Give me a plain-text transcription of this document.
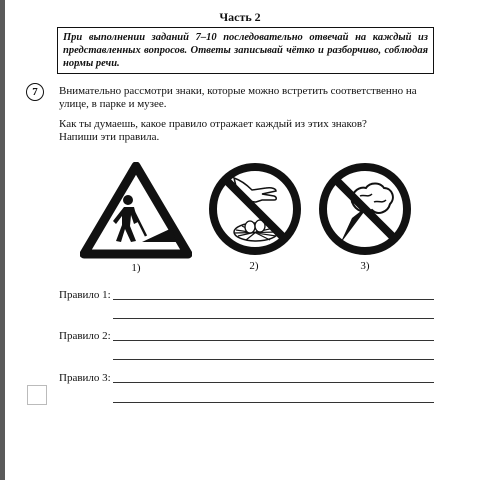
Часть 2
При выполнении заданий 7–10 последовательно отвечай на каждый из представленных вопросов. Ответы записывай чётко и разборчиво, соблюдая нормы речи.
7	Внимательно рассмотри знаки, которые можно встретить соответственно на улице, в парке и музее.
Как ты думаешь, какое правило отражает каждый из этих знаков?
Напиши эти правила.
1)	2)	3)
Правило 1:
Правило 2:
Правило 3:
